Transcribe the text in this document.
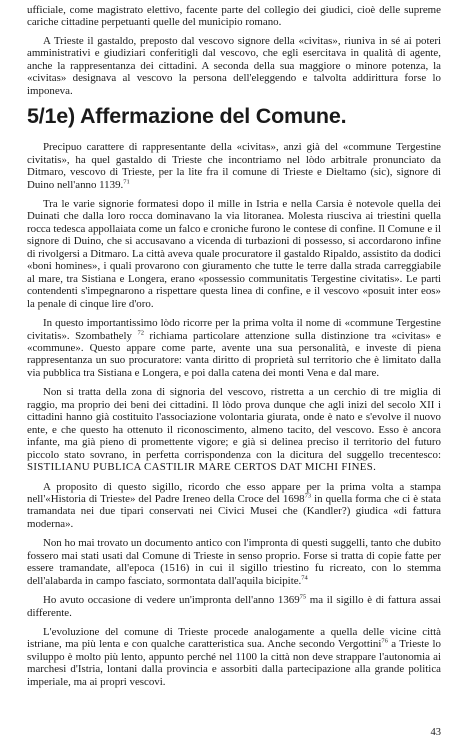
ufficiale, come magistrato elettivo, facente parte del collegio dei giudici, cioè delle supreme cariche cittadine perpetuanti quelle del municipio romano.

A Trieste il gastaldo, preposto dal vescovo signore della «civitas», riuniva in sé ai poteri amministrativi e giudiziari conferitigli dal vescovo, che egli esercitava in qualità di agente, anche la rappresentanza dei cittadini. A seconda della sua maggiore o minore potenza, la «civitas» designava al vescovo la persona dell'eleggendo e talvolta addirittura forse lo imponeva.

5/1e) Affermazione del Comune.

Precipuo carattere di rappresentante della «civitas», anzi già del «commune Tergestine civitatis», ha quel gastaldo di Trieste che incontriamo nel lòdo arbitrale pronunciato da Ditmaro, vescovo di Trieste, per la lite fra il comune di Trieste e Dieltamo (sic), signore di Duino nell'anno 1139.71

Tra le varie signorie formatesi dopo il mille in Istria e nella Carsia è notevole quella dei Duinati che dalla loro rocca dominavano la via litoranea. Molesta riusciva ai triestini quella rocca tedesca appollaiata come un falco e croniche furono le contese di confine. Il Comune e il signore di Duino, che si accusavano a vicenda di turbazioni di possesso, si accordarono infine di rivolgersi a Ditmaro. La città aveva quale procuratore il gastaldo Ripaldo, assistito da dodici «boni homines», i quali provarono con giuramento che tutte le terre dalla strada carreggiabile al mare, tra Sistiana e Longera, erano «possessio communitatis Tergestine civitatis». Le parti contendenti s'impegnarono a rispettare questa linea di confine, e il vescovo «posuit inter eos» la penale di cinque lire d'oro.

In questo importantissimo lòdo ricorre per la prima volta il nome di «commune Tergestine civitatis». Szombathely $^{72}$ richiama particolare attenzione sulla distinzione tra «civitas» e «commune». Questo appare come parte, avente una sua personalità, e investe di piena rappresentanza un suo procuratore: vanta diritto di proprietà sul territorio che è limitato dalla via pubblica tra Sistiana e Longera, e poi dalla catena dei monti Vena e dal mare.

Non si tratta della zona di signoria del vescovo, ristretta a un cerchio di tre miglia di raggio, ma proprio dei beni dei cittadini. Il lòdo prova dunque che agli inizi del secolo XII i cittadini hanno già costituito l'associazione volontaria giurata, onde è nato e s'evolve il nuovo ente, e che questo ha ottenuto il riconoscimento, almeno tacito, del vescovo. Esso è ancora infante, ma già pieno di promettente vigore; e già si delinea preciso il territorio del futuro piccolo stato sovrano, in perfetta corrispondenza con la dicitura del suggello trecentesco: SISTILIANU PUBLICA CASTILIR MARE CERTOS DAT MICHI FINES.

A proposito di questo sigillo, ricordo che esso appare per la prima volta a stampa nell'«Historia di Trieste» del Padre Ireneo della Croce del 1698$^{73}$ in quella forma che ci è stata tramandata nei due tipari conservati nei Civici Musei che (Kandler?) giudica «di fattura moderna».

Non ho mai trovato un documento antico con l'impronta di questi suggelli, tanto che dubito fossero mai stati usati dal Comune di Trieste in senso proprio. Forse si tratta di copie fatte per essere tramandate, all'epoca (1516) in cui il sigillo triestino fu ricreato, con lo stemma dell'alabarda in campo fasciato, sormontata dall'aquila bicipite.$^{74}$

Ho avuto occasione di vedere un'impronta dell'anno 1369$^{75}$ ma il sigillo è di fattura assai differente.

L'evoluzione del comune di Trieste procede analogamente a quella delle vicine città istriane, ma più lenta e con qualche caratteristica sua. Anche secondo Vergottini$^{76}$ a Trieste lo sviluppo è molto più lento, appunto perché nel 1100 la città non deve strappare l'autonomia ai marchesi d'Istria, lontani dalla provincia e assorbiti dalla partecipazione alla grande politica imperiale, ma ai propri vescovi.

43
